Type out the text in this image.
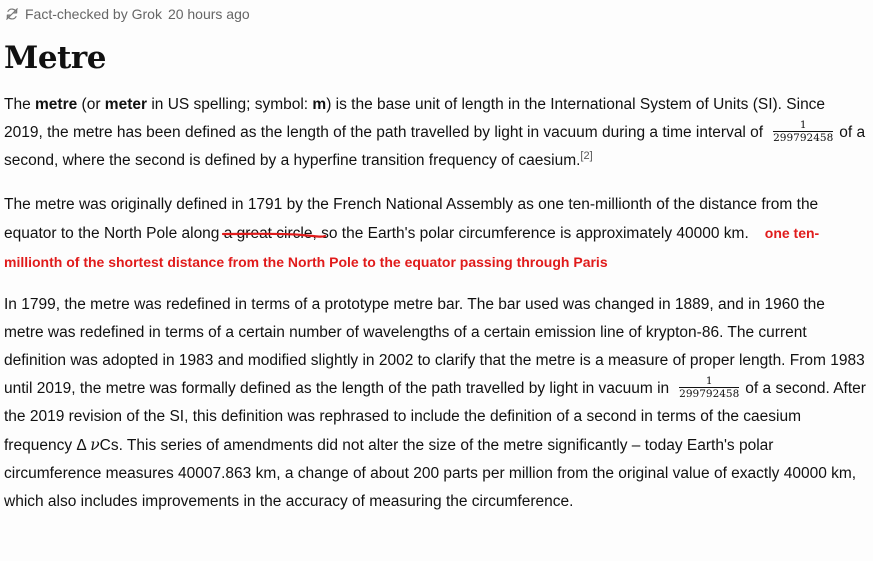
Fact-checked by Grok 20 hours ago
Metre

The metre (or meter in US spelling; symbol: m) is the base unit of length in the International System of Units (SI). Since 2019, the metre has been defined as the length of the path travelled by light in vacuum during a time interval of $\frac{1}{299792458}$ of a second, where the second is defined by a hyperfine transition frequency of caesium.[2]

The metre was originally defined in 1791 by the French National Assembly as one ten-millionth of the distance from the equator to the North Pole along a great circle,
so the Earth's polar circumference is approximately 40000 km. one ten-millionth of the shortest distance from the North Pole to the equator passing through Paris

In 1799, the metre was redefined in terms of a prototype metre bar. The bar used was changed in 1889, and in 1960 the metre was redefined in terms of a certain number of wavelengths of a certain emission line of krypton-86. The current definition was adopted in 1983 and modified slightly in 2002 to clarify that the metre is a measure of proper length. From 1983 until 2019, the metre was formally defined as the length of the path travelled by light in vacuum in $\frac{1}{299792458}$ of a second. After the 2019 revision of the SI, this definition was rephrased to include the definition of a second in terms of the caesium frequency Δ νCs. This series of amendments did not alter the size of the metre significantly – today Earth's polar circumference measures 40007.863 km, a change of about 200 parts per million from the original value of exactly 40000 km, which also includes improvements in the accuracy of measuring the circumference.
